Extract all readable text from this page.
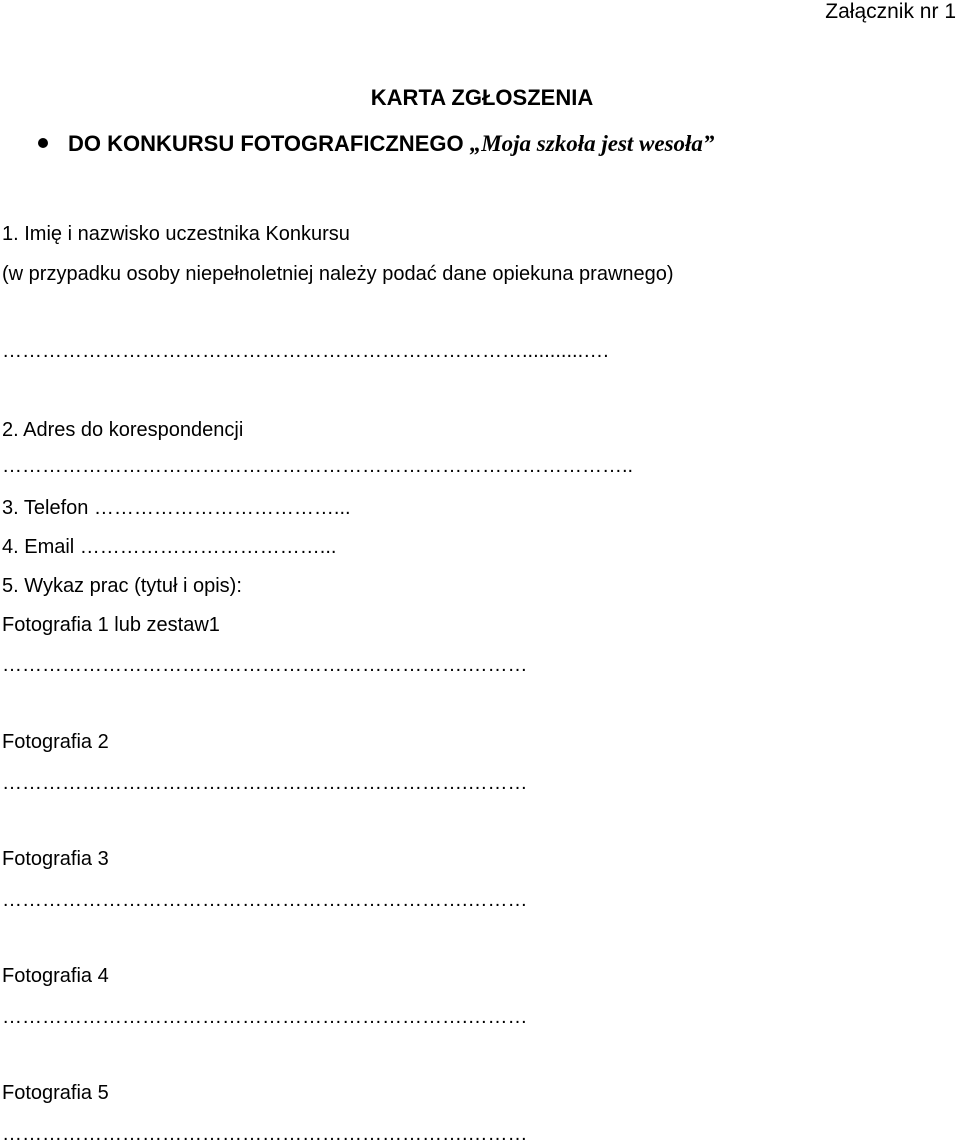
Załącznik nr 1
KARTA ZGŁOSZENIA
DO KONKURSU FOTOGRAFICZNEGO „Moja szkoła jest wesoła”
1. Imię i nazwisko uczestnika Konkursu
(w przypadku osoby niepełnoletniej należy podać dane opiekuna prawnego)
……………………………………………………………………...........….
2. Adres do korespondencji
…………………………………………………………………………………..
3. Telefon ………………………………...
4. Email ………………………………...
5. Wykaz prac (tytuł i opis):
Fotografia 1 lub zestaw1
…………………………………………………………….………
Fotografia 2
…………………………………………………………….………
Fotografia 3
…………………………………………………………….………
Fotografia 4
…………………………………………………………….………
Fotografia 5
…………………………………………………………….………
